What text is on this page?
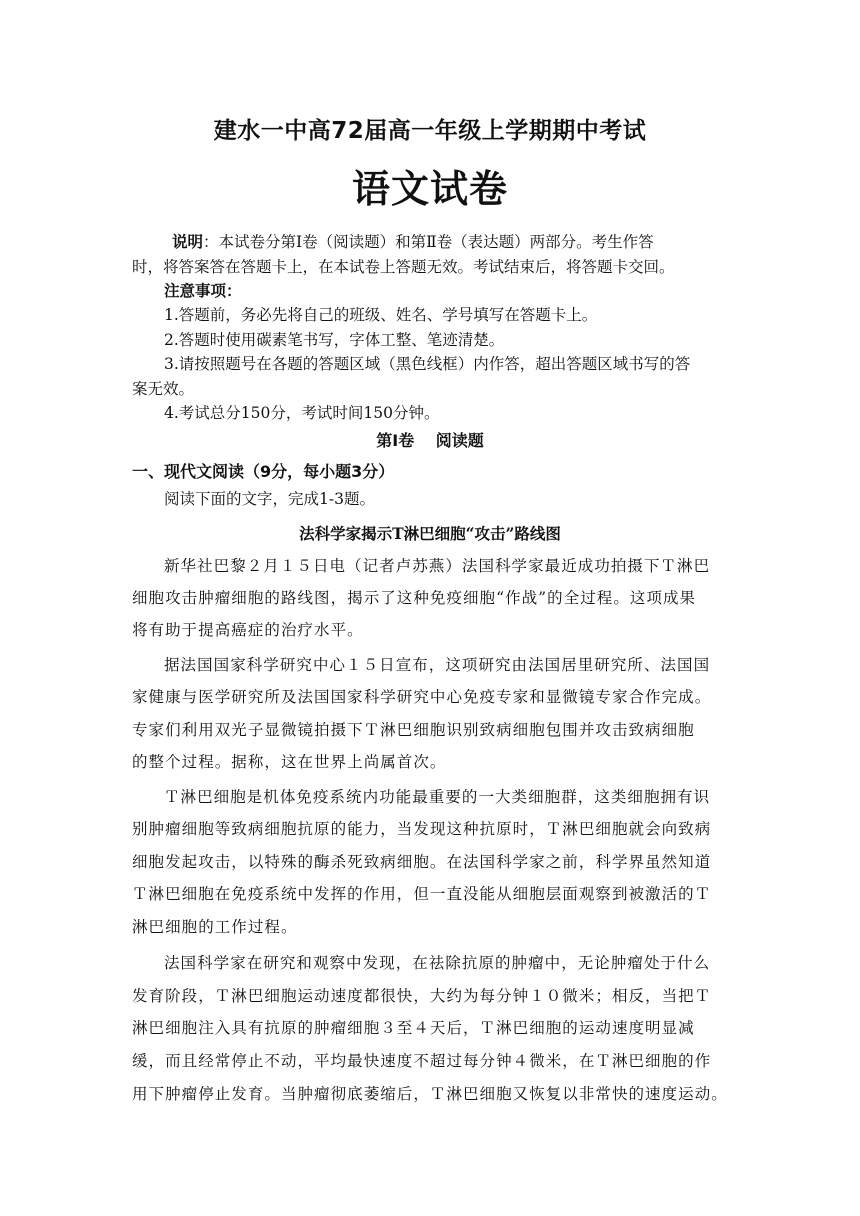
建水一中高72届高一年级上学期期中考试
语文试卷
说明：本试卷分第Ⅰ卷（阅读题）和第Ⅱ卷（表达题）两部分。考生作答
时，将答案答在答题卡上，在本试卷上答题无效。考试结束后，将答题卡交回。
注意事项：
1.答题前，务必先将自己的班级、姓名、学号填写在答题卡上。
2.答题时使用碳素笔书写，字体工整、笔迹清楚。
3.请按照题号在各题的答题区域（黑色线框）内作答，超出答题区域书写的答
案无效。
4.考试总分150分，考试时间150分钟。
第Ⅰ卷　 阅读题
一、现代文阅读（9分，每小题3分）
阅读下面的文字，完成1-3题。
法科学家揭示T淋巴细胞“攻击”路线图
新华社巴黎２月１５日电（记者卢苏燕）法国科学家最近成功拍摄下Ｔ淋巴
细胞攻击肿瘤细胞的路线图，揭示了这种免疫细胞“作战”的全过程。这项成果
将有助于提高癌症的治疗水平。
据法国国家科学研究中心１５日宣布，这项研究由法国居里研究所、法国国
家健康与医学研究所及法国国家科学研究中心免疫专家和显微镜专家合作完成。
专家们利用双光子显微镜拍摄下Ｔ淋巴细胞识别致病细胞包围并攻击致病细胞
的整个过程。据称，这在世界上尚属首次。
Ｔ淋巴细胞是机体免疫系统内功能最重要的一大类细胞群，这类细胞拥有识
别肿瘤细胞等致病细胞抗原的能力，当发现这种抗原时，Ｔ淋巴细胞就会向致病
细胞发起攻击，以特殊的酶杀死致病细胞。在法国科学家之前，科学界虽然知道
Ｔ淋巴细胞在免疫系统中发挥的作用，但一直没能从细胞层面观察到被激活的Ｔ
淋巴细胞的工作过程。
法国科学家在研究和观察中发现，在祛除抗原的肿瘤中，无论肿瘤处于什么
发育阶段，Ｔ淋巴细胞运动速度都很快，大约为每分钟１０微米；相反，当把Ｔ
淋巴细胞注入具有抗原的肿瘤细胞３至４天后，Ｔ淋巴细胞的运动速度明显减
缓，而且经常停止不动，平均最快速度不超过每分钟４微米，在Ｔ淋巴细胞的作
用下肿瘤停止发育。当肿瘤彻底萎缩后，Ｔ淋巴细胞又恢复以非常快的速度运动。
